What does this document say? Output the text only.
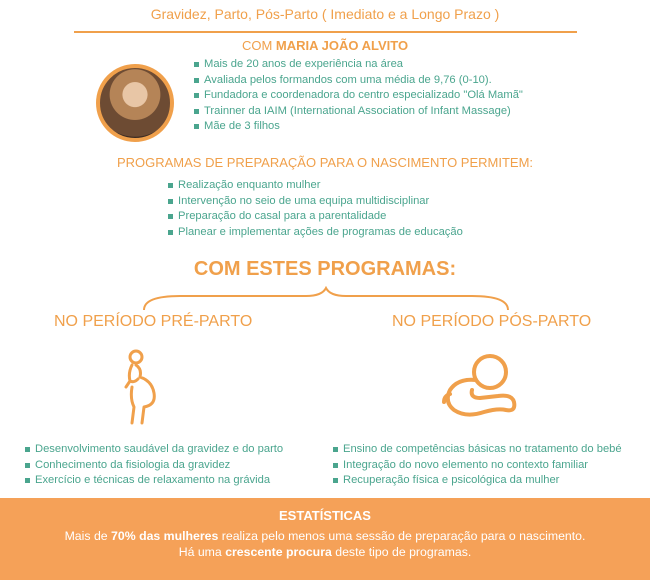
Gravidez, Parto, Pós-Parto ( Imediato e a Longo Prazo )
COM MARIA JOÃO ALVITO
Mais de 20 anos de experiência na área
Avaliada pelos formandos com uma média de 9,76 (0-10).
Fundadora e coordenadora do centro especializado "Olá Mamã"
Trainner da IAIM (International Association of Infant Massage)
Mãe de 3 filhos
PROGRAMAS DE PREPARAÇÃO PARA O NASCIMENTO PERMITEM:
Realização enquanto mulher
Intervenção no seio de uma equipa multidisciplinar
Preparação do casal para a parentalidade
Planear e implementar ações de programas de educação
COM ESTES PROGRAMAS:
NO PERÍODO PRÉ-PARTO	NO PERÍODO PÓS-PARTO
Desenvolvimento saudável da gravidez e do parto
Conhecimento da fisiologia da gravidez
Exercício e técnicas de relaxamento na grávida
Ensino de competências básicas no tratamento do bebé
Integração do novo elemento no contexto familiar
Recuperação física e psicológica da mulher
ESTATÍSTICAS
Mais de 70% das mulheres realiza pelo menos uma sessão de preparação para o nascimento.
Há uma crescente procura deste tipo de programas.
